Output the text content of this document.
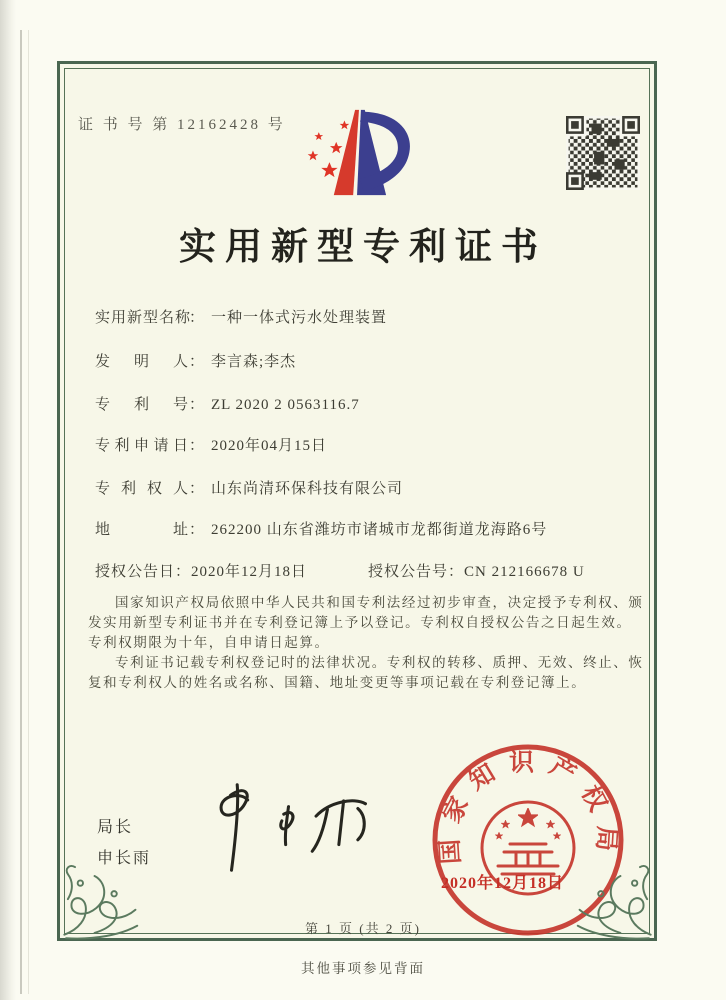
证 书 号 第 12162428 号
实用新型专利证书
实用新型名称： 一种一体式污水处理装置
发明人： 李言森;李杰
专利号： ZL 2020 2 0563116.7
专利申请日： 2020年04月15日
专利权人： 山东尚清环保科技有限公司
地址： 262200 山东省潍坊市诸城市龙都街道龙海路6号
授权公告日：2020年12月18日	授权公告号：CN 212166678 U

国家知识产权局依照中华人民共和国专利法经过初步审查，决定授予专利权、颁发实用新型专利证书并在专利登记簿上予以登记。专利权自授权公告之日起生效。专利权期限为十年，自申请日起算。

专利证书记载专利权登记时的法律状况。专利权的转移、质押、无效、终止、恢复和专利权人的姓名或名称、国籍、地址变更等事项记载在专利登记簿上。

局长
申长雨	国家知识产权局
2020年12月18日
第 1 页 (共 2 页)
其他事项参见背面
